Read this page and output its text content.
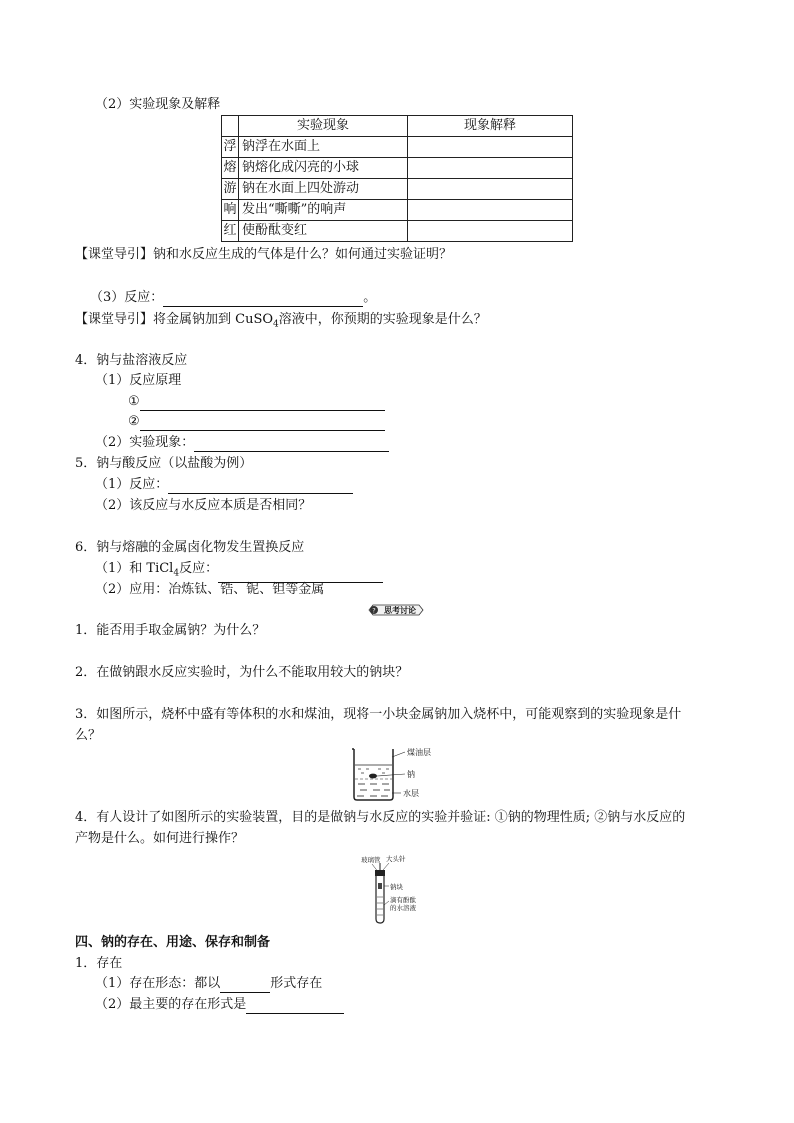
（2）实验现象及解释
	实验现象	现象解释
浮	钠浮在水面上	
熔	钠熔化成闪亮的小球	
游	钠在水面上四处游动	
响	发出“嘶嘶”的响声	
红	使酚酞变红	
【课堂导引】钠和水反应生成的气体是什么？如何通过实验证明？
（3）反应：	。
【课堂导引】将金属钠加到 CuSO$_4$溶液中，你预期的实验现象是什么？
4．钠与盐溶液反应
（1）反应原理
①
②
（2）实验现象：
5．钠与酸反应（以盐酸为例）
（1）反应：
（2）该反应与水反应本质是否相同？
6．钠与熔融的金属卤化物发生置换反应
（1）和 TiCl$_4$反应：
（2）应用：冶炼钛、锆、铌、钽等金属
? 思考讨论
1．能否用手取金属钠？为什么？
2．在做钠跟水反应实验时，为什么不能取用较大的钠块？
3．如图所示，烧杯中盛有等体积的水和煤油，现将一小块金属钠加入烧杯中，可能观察到的实验现象是什
么？
煤油层
钠
水层
4．有人设计了如图所示的实验装置，目的是做钠与水反应的实验并验证: ①钠的物理性质; ②钠与水反应的
产物是什么。如何进行操作？
玻璃管 大头针
钠块
滴有酚酞
的水溶液
四、钠的存在、用途、保存和制备
1．存在
（1）存在形态：都以	形式存在
（2）最主要的存在形式是
